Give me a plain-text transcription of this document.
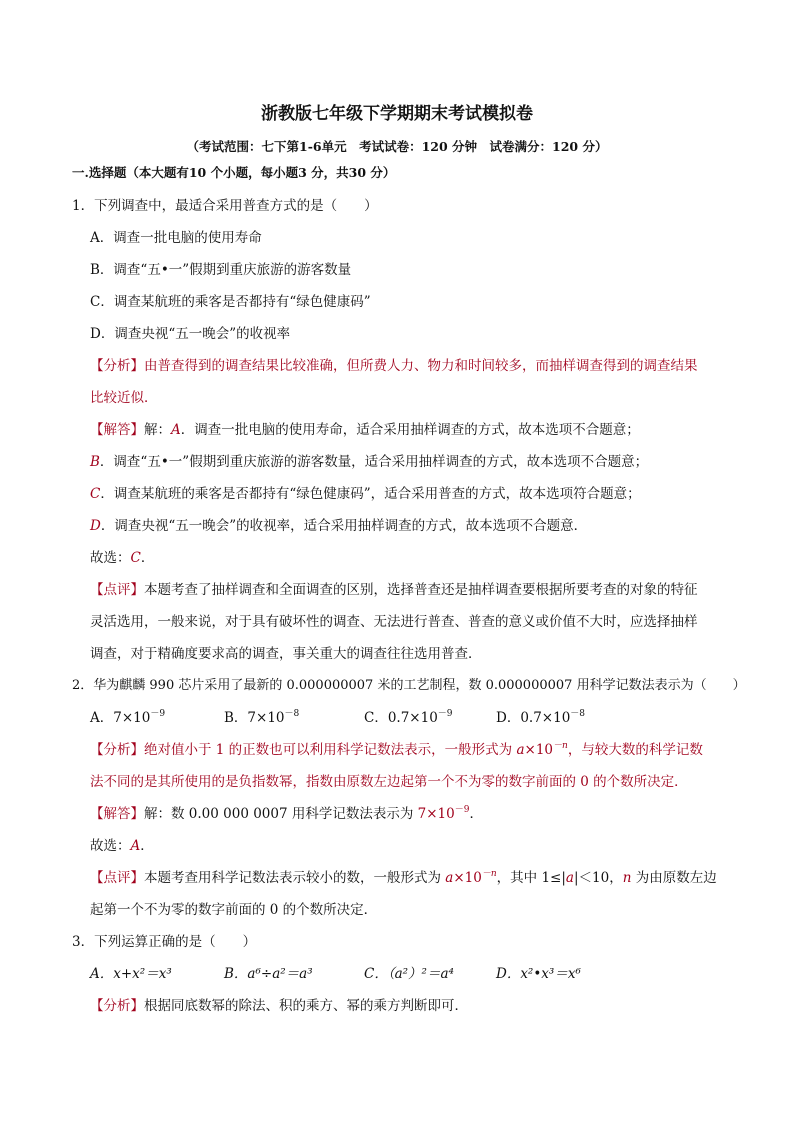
浙教版七年级下学期期末考试模拟卷
（考试范围：七下第1-6单元　考试试卷：120 分钟　试卷满分：120 分）
一.选择题（本大题有10 个小题，每小题3 分，共30 分）
1．下列调查中，最适合采用普查方式的是（　　）
A．调查一批电脑的使用寿命
B．调查“五•一”假期到重庆旅游的游客数量
C．调查某航班的乘客是否都持有“绿色健康码”
D．调查央视“五一晚会”的收视率
【分析】由普查得到的调查结果比较准确，但所费人力、物力和时间较多，而抽样调查得到的调查结果
比较近似．
【解答】解：A．调查一批电脑的使用寿命，适合采用抽样调查的方式，故本选项不合题意；
B．调查“五•一”假期到重庆旅游的游客数量，适合采用抽样调查的方式，故本选项不合题意；
C．调查某航班的乘客是否都持有“绿色健康码”，适合采用普查的方式，故本选项符合题意；
D．调查央视“五一晚会”的收视率，适合采用抽样调查的方式，故本选项不合题意．
故选：C．
【点评】本题考查了抽样调查和全面调查的区别，选择普查还是抽样调查要根据所要考查的对象的特征
灵活选用，一般来说，对于具有破坏性的调查、无法进行普查、普查的意义或价值不大时，应选择抽样
调查，对于精确度要求高的调查，事关重大的调查往往选用普查．
2．华为麒麟 990 芯片采用了最新的 0.000000007 米的工艺制程，数 0.000000007 用科学记数法表示为（　　）
A．$7\times 10^{-9}$	B．$7\times 10^{-8}$	C．$0.7\times 10^{-9}$	D．$0.7\times 10^{-8}$
【分析】绝对值小于 1 的正数也可以利用科学记数法表示，一般形式为 $a\times 10^{-n}$，与较大数的科学记数
法不同的是其所使用的是负指数幂，指数由原数左边起第一个不为零的数字前面的 0 的个数所决定．
【解答】解：数 0.00 000 0007 用科学记数法表示为 $7\times 10^{-9}$．
故选：A．
【点评】本题考查用科学记数法表示较小的数，一般形式为 $a\times 10^{-n}$，其中 1≤|a|＜10，n 为由原数左边
起第一个不为零的数字前面的 0 的个数所决定．
3．下列运算正确的是（　　）
A．x+x²＝x³	B．a⁶÷a²＝a³	C．（a²）²＝a⁴	D．x²•x³＝x⁶
【分析】根据同底数幂的除法、积的乘方、幂的乘方判断即可．
